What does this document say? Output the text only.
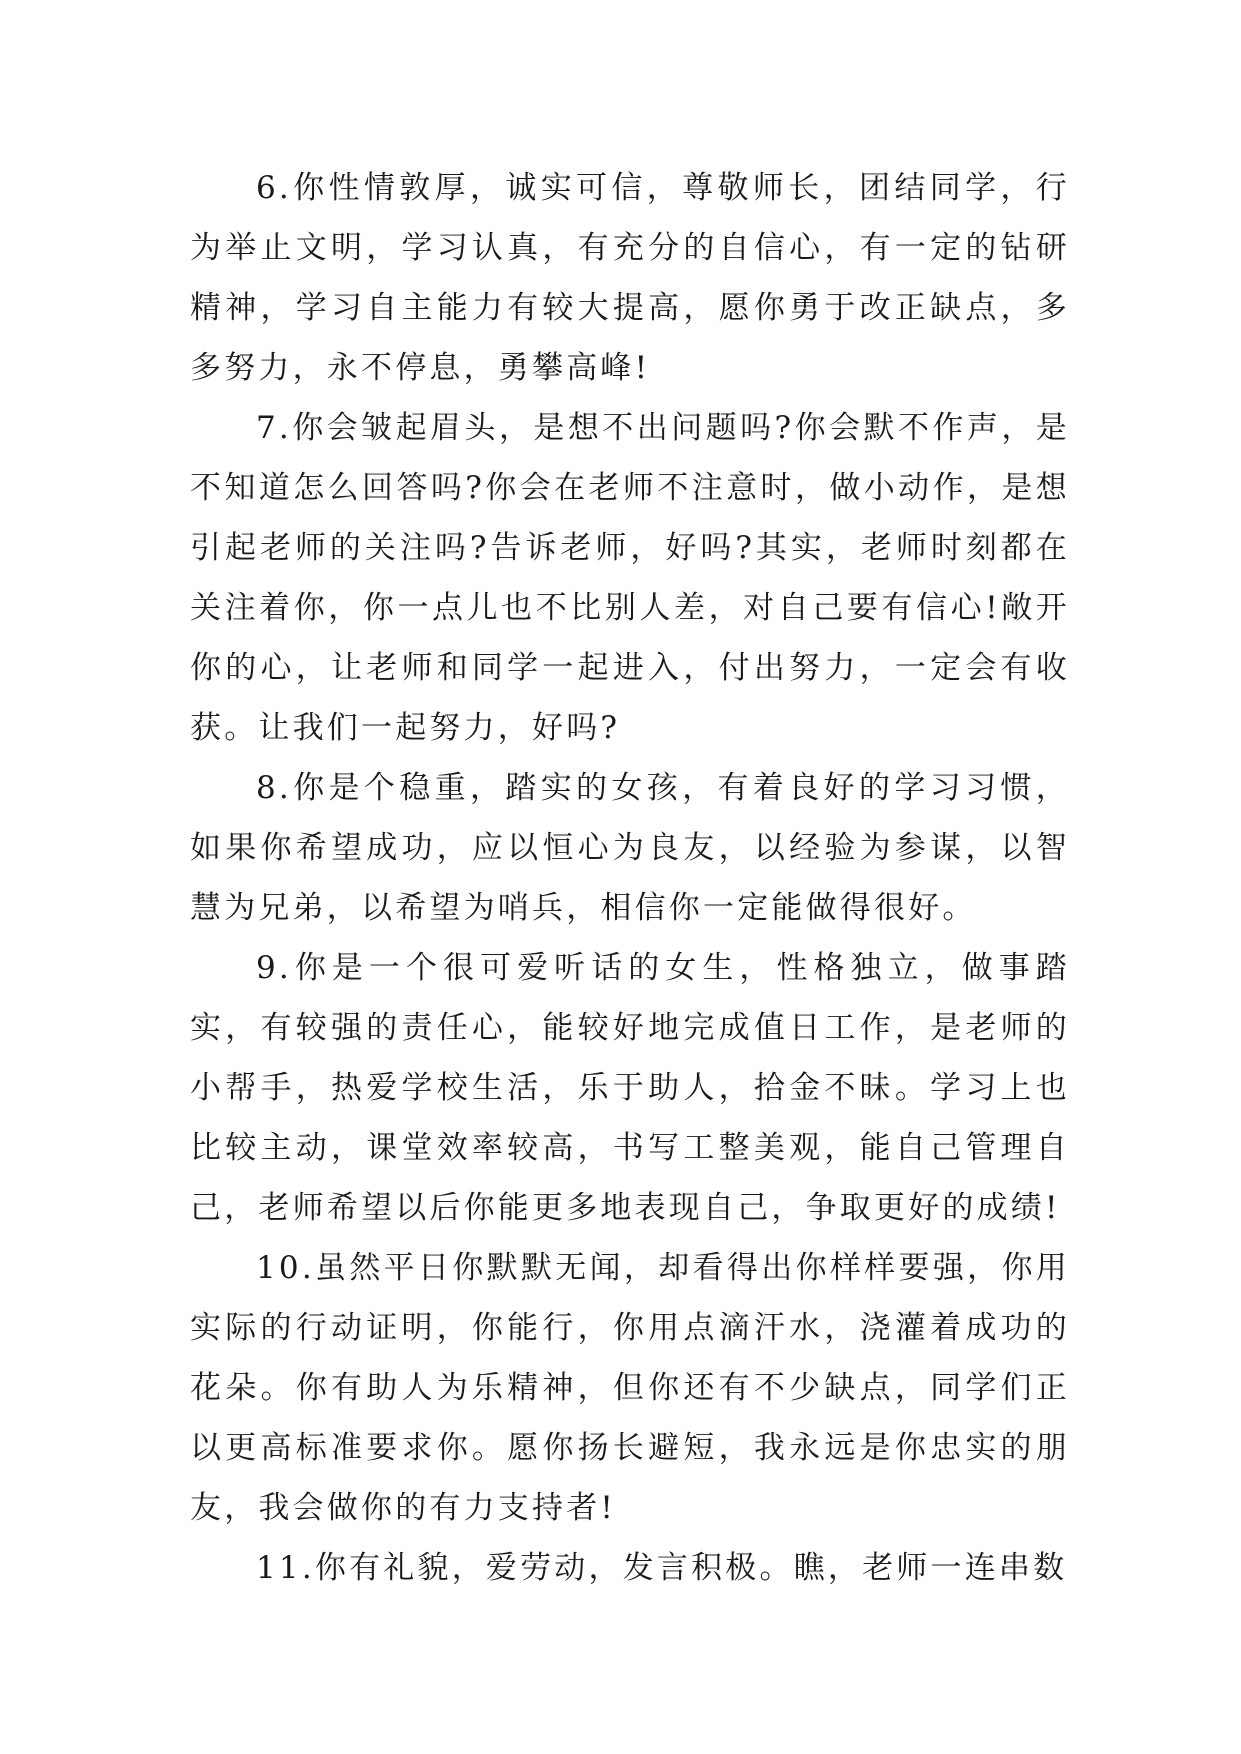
6.你性情敦厚，诚实可信，尊敬师长，团结同学，行为举止文明，学习认真，有充分的自信心，有一定的钻研精神，学习自主能力有较大提高，愿你勇于改正缺点，多多努力，永不停息，勇攀高峰!

7.你会皱起眉头，是想不出问题吗?你会默不作声，是不知道怎么回答吗?你会在老师不注意时，做小动作，是想引起老师的关注吗?告诉老师，好吗?其实，老师时刻都在关注着你，你一点儿也不比别人差，对自己要有信心!敞开你的心，让老师和同学一起进入，付出努力，一定会有收获。让我们一起努力，好吗?

8.你是个稳重，踏实的女孩，有着良好的学习习惯，如果你希望成功，应以恒心为良友，以经验为参谋，以智慧为兄弟，以希望为哨兵，相信你一定能做得很好。

9.你是一个很可爱听话的女生，性格独立，做事踏实，有较强的责任心，能较好地完成值日工作，是老师的小帮手，热爱学校生活，乐于助人，拾金不昧。学习上也比较主动，课堂效率较高，书写工整美观，能自己管理自己，老师希望以后你能更多地表现自己，争取更好的成绩!

10.虽然平日你默默无闻，却看得出你样样要强，你用实际的行动证明，你能行，你用点滴汗水，浇灌着成功的花朵。你有助人为乐精神，但你还有不少缺点，同学们正以更高标准要求你。愿你扬长避短，我永远是你忠实的朋友，我会做你的有力支持者!

11.你有礼貌，爱劳动，发言积极。瞧，老师一连串数
